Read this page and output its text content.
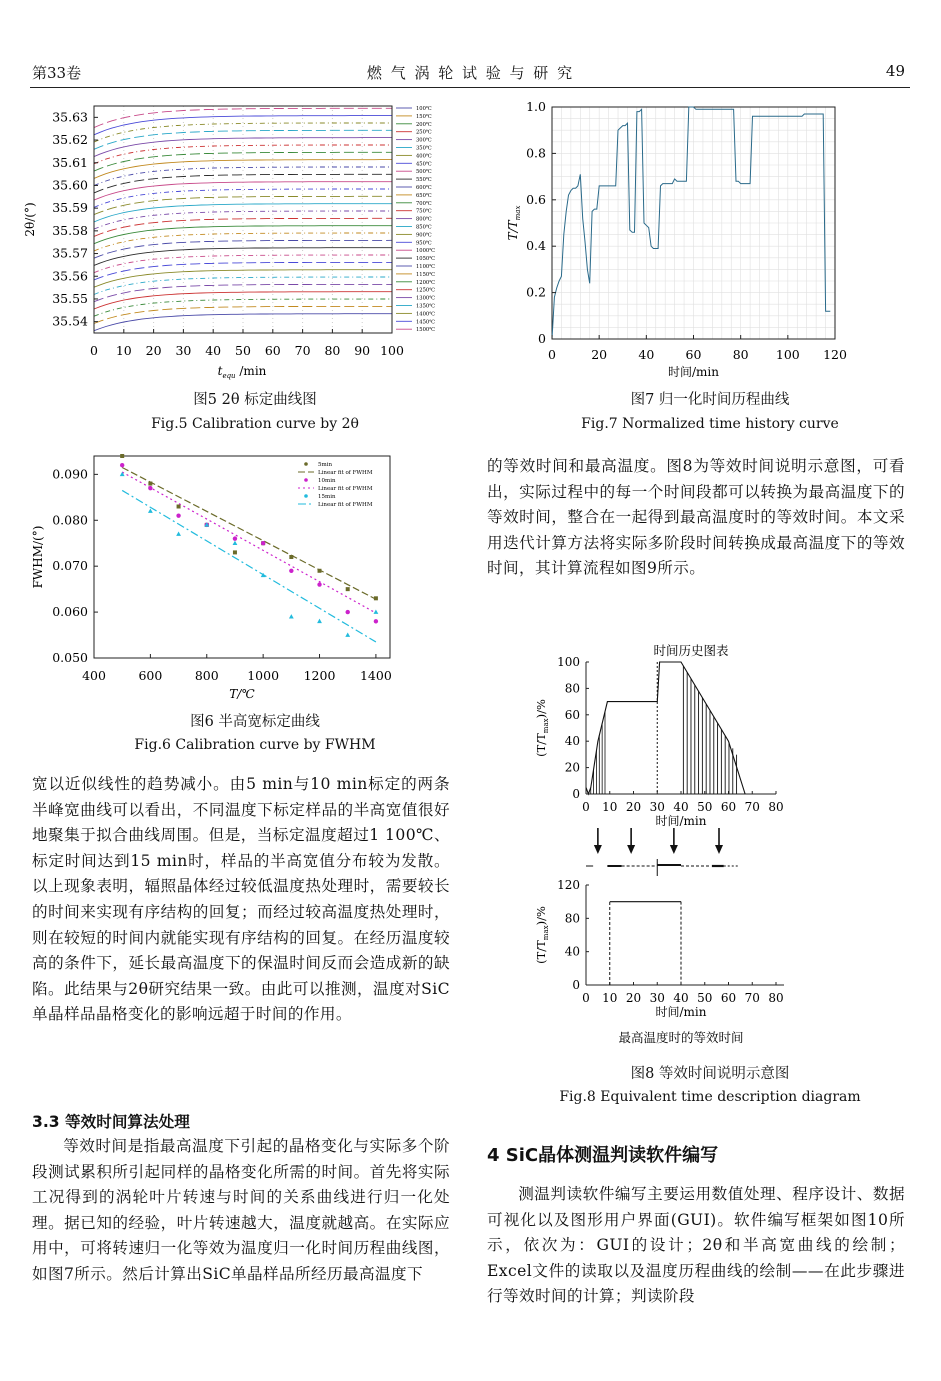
第33卷	燃 气 涡 轮 试 验 与 研 究	49
35.63
35.62
35.61
35.60
35.59
35.58
35.57
35.56
35.55
35.54
0 10 20 30 40 50 60 70 80 90 100
2θ/(°)
$t_{equ}$ /min
100℃
150℃
200℃
250℃
300℃
350℃
400℃
450℃
500℃
550℃
600℃
650℃
700℃
750℃
800℃
850℃
900℃
950℃
1000℃
1050℃
1100℃
1150℃
1200℃
1250℃
1300℃
1350℃
1400℃
1450℃
1500℃
图5 2θ 标定曲线图
Fig.5 Calibration curve by 2θ
1.0
0.8
0.6
0.4
0.2
0
0	20	40	60	80 100 120
时间/min
$T/T_{max}$
图7 归一化时间历程曲线
Fig.7 Normalized time history curve
0.090
0.080
0.070
0.060
0.050
400	600	800 1000 1200 1400
FWHM/(°)
T/℃
5min
Linear fit of FWHM
10min
Linear fit of FWHM
15min
Linear fit of FWHM
图6 半高宽标定曲线
Fig.6 Calibration curve by FWHM
的等效时间和最高温度。图8为等效时间说明示意图，可看出，实际过程中的每一个时间段都可以转换为最高温度下的等效时间，整合在一起得到最高温度时的等效时间。本文采用迭代计算方法将实际多阶段时间转换成最高温度下的等效时间，其计算流程如图9所示。
时间历史图表
100
80
60
40
20
0
0 10 20 30 40 50 60 70 80
时间/min
$(T/T_{max})/\%$
120
80
40
0
0 10 20 30 40 50 60 70 80
时间/min
$(T/T_{max})/\%$
最高温度时的等效时间
图8 等效时间说明示意图
Fig.8 Equivalent time description diagram
宽以近似线性的趋势减小。由5 min与10 min标定的两条半峰宽曲线可以看出，不同温度下标定样品的半高宽值很好地聚集于拟合曲线周围。但是，当标定温度超过1 100℃、标定时间达到15 min时，样品的半高宽值分布较为发散。以上现象表明，辐照晶体经过较低温度热处理时，需要较长的时间来实现有序结构的回复；而经过较高温度热处理时，则在较短的时间内就能实现有序结构的回复。在经历温度较高的条件下，延长最高温度下的保温时间反而会造成新的缺陷。此结果与2θ研究结果一致。由此可以推测，温度对SiC单晶样品晶格变化的影响远超于时间的作用。
3.3 等效时间算法处理
等效时间是指最高温度下引起的晶格变化与实际多个阶段测试累积所引起同样的晶格变化所需的时间。首先将实际工况得到的涡轮叶片转速与时间的关系曲线进行归一化处理。据已知的经验，叶片转速越大，温度就越高。在实际应用中，可将转速归一化等效为温度归一化时间历程曲线图，如图7所示。然后计算出SiC单晶样品所经历最高温度下
4 SiC晶体测温判读软件编写
测温判读软件编写主要运用数值处理、程序设计、数据可视化以及图形用户界面(GUI)。软件编写框架如图10所示，依次为：GUI的设计；2θ和半高宽曲线的绘制；Excel文件的读取以及温度历程曲线的绘制——在此步骤进行等效时间的计算；判读阶段
